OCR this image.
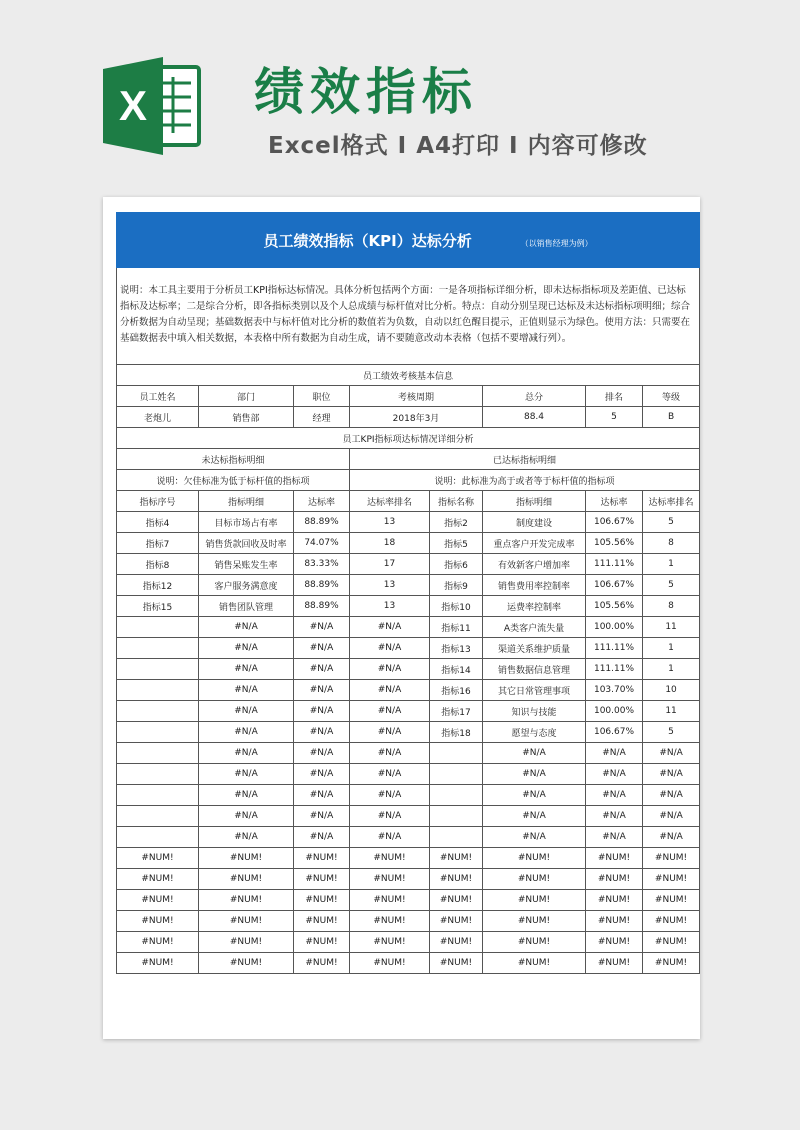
X 绩效指标
Excel格式 I A4打印 I 内容可修改
员工绩效指标（KPI）达标分析 （以销售经理为例）							
说明：本工具主要用于分析员工KPI指标达标情况。具体分析包括两个方面：一是各项指标详细分析，即未达标指标项及差距值、已达标指标及达标率；二是综合分析，即各指标类别以及个人总成绩与标杆值对比分析。特点：自动分别呈现已达标及未达标指标项明细；综合分析数据为自动呈现；基础数据表中与标杆值对比分析的数值若为负数，自动以红色醒目提示，正值则显示为绿色。使用方法：只需要在基础数据表中填入相关数据，本表格中所有数据为自动生成，请不要随意改动本表格（包括不要增减行列）。							
员工绩效考核基本信息							
员工姓名	部门	职位	考核周期		总分	排名	等级
老炮儿	销售部	经理	2018年3月		88.4	5	B
员工KPI指标项达标情况详细分析							
未达标指标明细			已达标指标明细				
说明：欠佳标准为低于标杆值的指标项			说明：此标准为高于或者等于标杆值的指标项				
指标序号	指标明细	达标率	达标率排名	指标名称	指标明细	达标率	达标率排名
指标4	目标市场占有率	88.89%	13	指标2	制度建设	106.67%	5
指标7	销售货款回收及时率	74.07%	18	指标5	重点客户开发完成率	105.56%	8
指标8	销售呆账发生率	83.33%	17	指标6	有效新客户增加率	111.11%	1
指标12	客户服务满意度	88.89%	13	指标9	销售费用率控制率	106.67%	5
指标15	销售团队管理	88.89%	13	指标10	运费率控制率	105.56%	8
	#N/A	#N/A	#N/A	指标11	A类客户流失量	100.00%	11
	#N/A	#N/A	#N/A	指标13	渠道关系维护质量	111.11%	1
	#N/A	#N/A	#N/A	指标14	销售数据信息管理	111.11%	1
	#N/A	#N/A	#N/A	指标16	其它日常管理事项	103.70%	10
	#N/A	#N/A	#N/A	指标17	知识与技能	100.00%	11
	#N/A	#N/A	#N/A	指标18	愿望与态度	106.67%	5
	#N/A	#N/A	#N/A		#N/A	#N/A	#N/A
	#N/A	#N/A	#N/A		#N/A	#N/A	#N/A
	#N/A	#N/A	#N/A		#N/A	#N/A	#N/A
	#N/A	#N/A	#N/A		#N/A	#N/A	#N/A
	#N/A	#N/A	#N/A		#N/A	#N/A	#N/A
#NUM!	#NUM!	#NUM!	#NUM!	#NUM!	#NUM!	#NUM!	#NUM!
#NUM!	#NUM!	#NUM!	#NUM!	#NUM!	#NUM!	#NUM!	#NUM!
#NUM!	#NUM!	#NUM!	#NUM!	#NUM!	#NUM!	#NUM!	#NUM!
#NUM!	#NUM!	#NUM!	#NUM!	#NUM!	#NUM!	#NUM!	#NUM!
#NUM!	#NUM!	#NUM!	#NUM!	#NUM!	#NUM!	#NUM!	#NUM!
#NUM!	#NUM!	#NUM!	#NUM!	#NUM!	#NUM!	#NUM!	#NUM!
